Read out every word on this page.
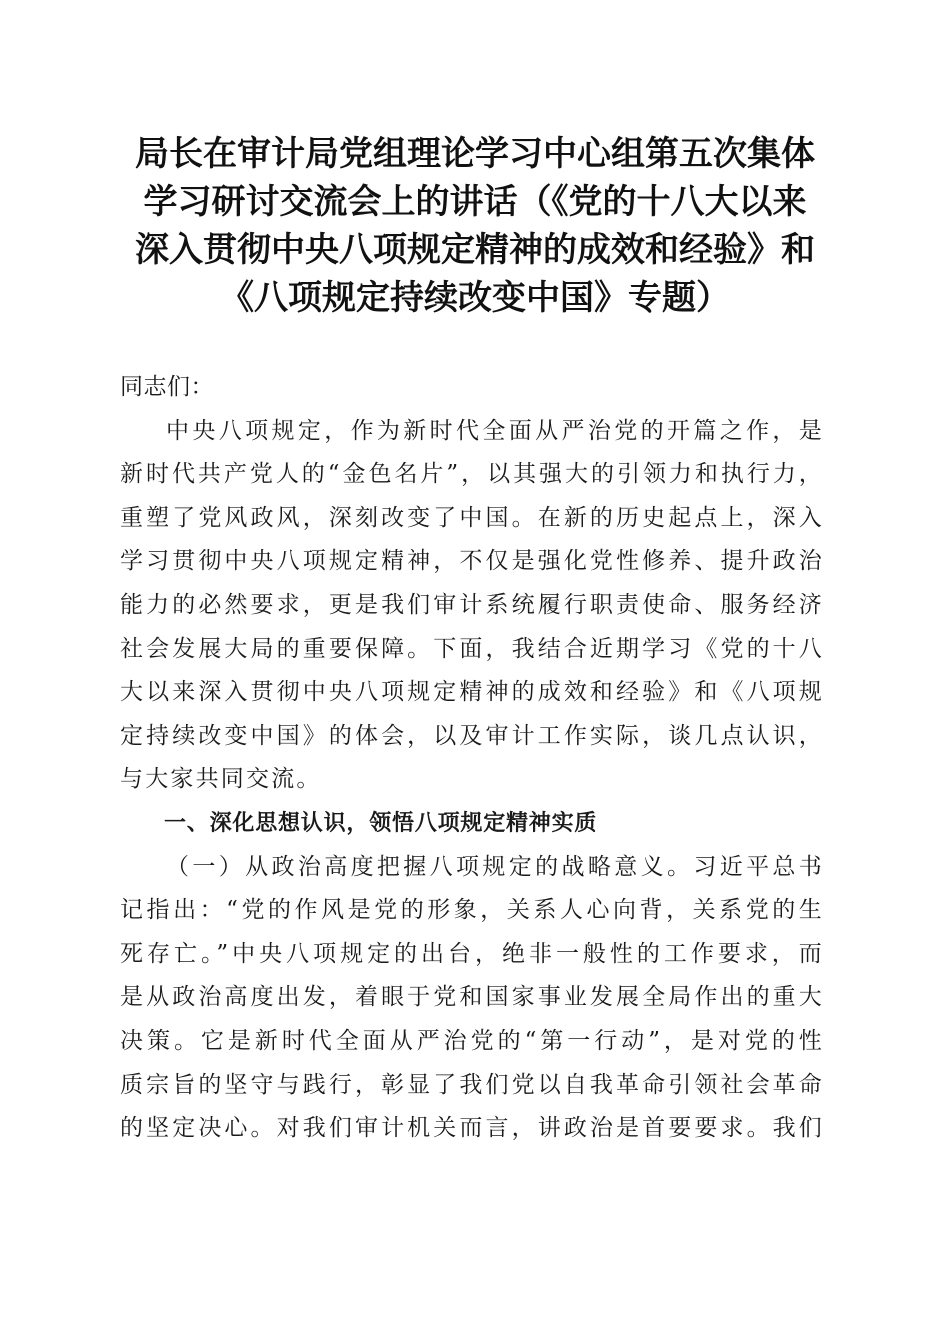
局长在审计局党组理论学习中心组第五次集体
学习研讨交流会上的讲话（《党的十八大以来
深入贯彻中央八项规定精神的成效和经验》和
《八项规定持续改变中国》专题）
同志们：
中央八项规定，作为新时代全面从严治党的开篇之作，是
新时代共产党人的“金色名片”，以其强大的引领力和执行力，
重塑了党风政风，深刻改变了中国。在新的历史起点上，深入
学习贯彻中央八项规定精神，不仅是强化党性修养、提升政治
能力的必然要求，更是我们审计系统履行职责使命、服务经济
社会发展大局的重要保障。下面，我结合近期学习《党的十八
大以来深入贯彻中央八项规定精神的成效和经验》和《八项规
定持续改变中国》的体会，以及审计工作实际，谈几点认识，
与大家共同交流。
一、深化思想认识，领悟八项规定精神实质
（一）从政治高度把握八项规定的战略意义。习近平总书
记指出：“党的作风是党的形象，关系人心向背，关系党的生
死存亡。”中央八项规定的出台，绝非一般性的工作要求，而
是从政治高度出发，着眼于党和国家事业发展全局作出的重大
决策。它是新时代全面从严治党的“第一行动”，是对党的性
质宗旨的坚守与践行，彰显了我们党以自我革命引领社会革命
的坚定决心。对我们审计机关而言，讲政治是首要要求。我们
